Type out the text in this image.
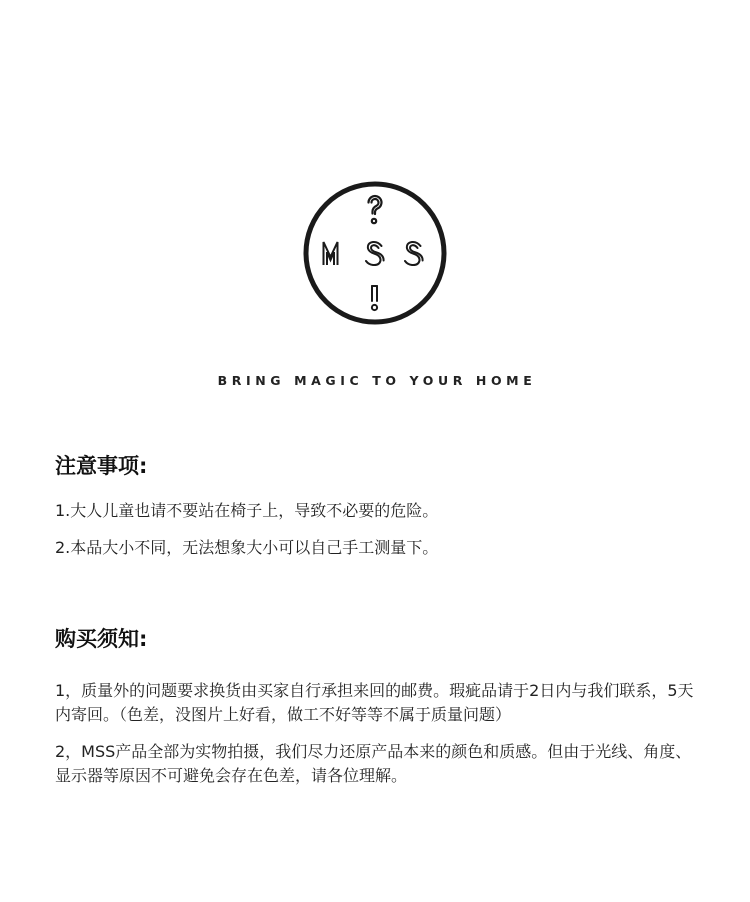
BRING MAGIC TO YOUR HOME
注意事项:

1.大人儿童也请不要站在椅子上，导致不必要的危险。

2.本品大小不同，无法想象大小可以自己手工测量下。

购买须知:

1，质量外的问题要求换货由买家自行承担来回的邮费。瑕疵品请于2日内与我们联系，5天内寄回。（色差，没图片上好看，做工不好等等不属于质量问题）

2，MSS产品全部为实物拍摄，我们尽力还原产品本来的颜色和质感。但由于光线、角度、显示器等原因不可避免会存在色差，请各位理解。
